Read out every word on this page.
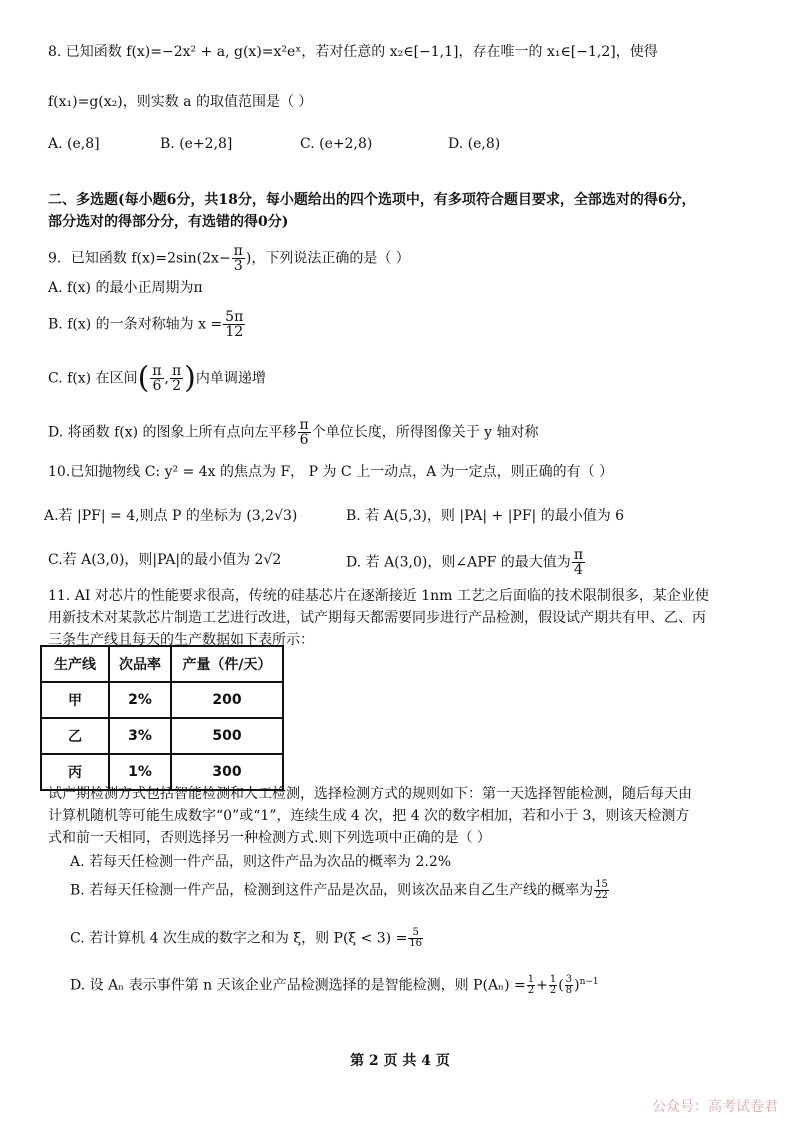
8. 已知函数 f(x)=−2x² + a, g(x)=x²eˣ，若对任意的 x₂∈[−1,1]，存在唯一的 x₁∈[−1,2]，使得
f(x₁)=g(x₂)，则实数 a 的取值范围是（ ）
A. (e,8]	B. (e+2,8]	C. (e+2,8)	D. (e,8)
二、多选题(每小题6分，共18分，每小题给出的四个选项中，有多项符合题目要求，全部选对的得6分，
部分选对的得部分分，有选错的得0分)
9．已知函数 $f(x)=2\sin(2x- \frac{\pi}{3}$ )，下列说法正确的是（ ）
A. f(x) 的最小正周期为π
B. f(x) 的一条对称轴为 $x = \frac{5\pi}{12}$
C. f(x) 在区间( $\frac{\pi}{6}$ , $\frac{\pi}{2}$ )内单调递增
D. 将函数 f(x) 的图象上所有点向左平移 $\frac{\pi}{6}$ 个单位长度，所得图像关于 y 轴对称
10.已知抛物线 C: y² = 4x 的焦点为 F， P 为 C 上一动点，A 为一定点，则正确的有（ ）
A.若 |PF| = 4,则点 P 的坐标为 (3,2√3)	B. 若 A(5,3)，则 |PA| + |PF| 的最小值为 6
C.若 A(3,0)，则|PA|的最小值为 2√2	D. 若 A(3,0)，则∠APF 的最大值为 $\frac{\pi}{4}$
11. AI 对芯片的性能要求很高，传统的硅基芯片在逐渐接近 1nm 工艺之后面临的技术限制很多，某企业使
用新技术对某款芯片制造工艺进行改进，试产期每天都需要同步进行产品检测，假设试产期共有甲、乙、丙
三条生产线且每天的生产数据如下表所示：
生产线	次品率	产量（件/天）
甲	2%	200
乙	3%	500
丙	1%	300
试产期检测方式包括智能检测和人工检测，选择检测方式的规则如下：第一天选择智能检测，随后每天由
计算机随机等可能生成数字“0”或“1”，连续生成 4 次，把 4 次的数字相加，若和小于 3，则该天检测方
式和前一天相同，否则选择另一种检测方式.则下列选项中正确的是（ ）
A. 若每天任检测一件产品，则这件产品为次品的概率为 2.2%
B. 若每天任检测一件产品，检测到这件产品是次品，则该次品来自乙生产线的概率为 $\frac{15}{22}$
C. 若计算机 4 次生成的数字之和为 ξ，则 $P(\xi < 3) = \frac{5}{16}$
D. 设 Aₙ 表示事件第 n 天该企业产品检测选择的是智能检测，则 $P(A_n) = \frac{1}{2} + \frac{1}{2}$ ( $\frac{3}{8} )^{n-1}$
第 2 页 共 4 页
公众号：高考试卷君
